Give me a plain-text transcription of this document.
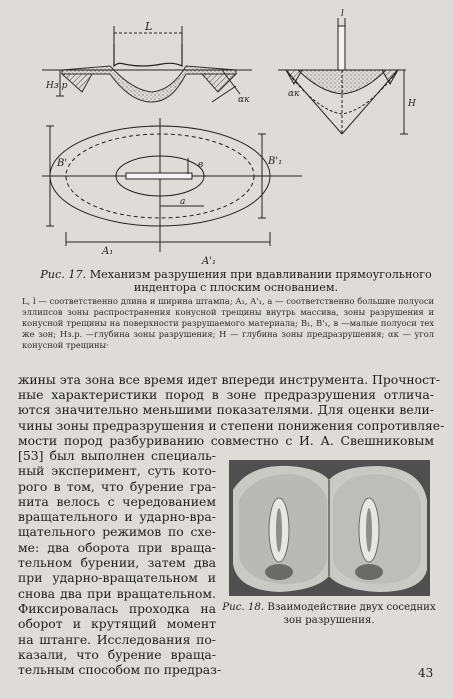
L
Hз.р
αк
l
αк
H
B'	B'₁
в
a
A₁
A'₁
Рис. 17. Механизм разрушения при вдавливании прямоугольного индентора с плоским основанием.

L, l — соответственно длина и ширина штампа; A₁, A'₁, a — соответственно большие полуоси эллипсов зоны распространения конусной трещины внутрь массива, зоны разрушения и конусной трещины на поверхности разрушаемого материала; B₁, B'₁, в —малые полуоси тех же зон; Hз.р. —глубина зоны разрушения; H — глубина зоны предразрушения; αк — угол конусной трещины·

жины эта зона все время идет впереди инструмента. Прочност-
ные характеристики пород в зоне предразрушения отлича-
ются значительно меньшими показателями. Для оценки вели-
чины зоны предразрушения и степени понижения сопротивляе-
мости пород разбуриванию совместно с И. А. Свешниковым
[53] был выполнен специаль-
ный эксперимент, суть кото-
рого в том, что бурение гра-
нита велось с чередованием
вращательного и ударно-вра-
щательного режимов по схе-
ме: два оборота при враща-
тельном бурении, затем два
при ударно-вращательном и
снова два при вращательном.
Фиксировалась проходка на
оборот и крутящий момент
на штанге. Исследования по-
казали, что бурение враща-
тельным способом по предраз-
Рис. 18. Взаимодействие двух соседних зон разрушения.
43
